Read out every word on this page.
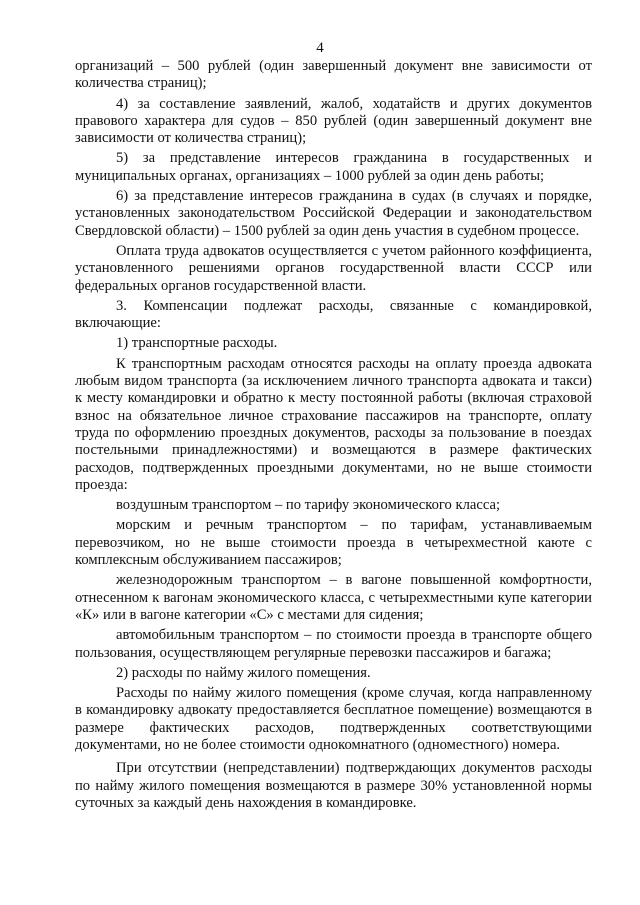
4

организаций – 500 рублей (один завершенный документ вне зависимости от количества страниц);

4) за составление заявлений, жалоб, ходатайств и других документов правового характера для судов – 850 рублей (один завершенный документ вне зависимости от количества страниц);

5) за представление интересов гражданина в государственных и муниципальных органах, организациях – 1000 рублей за один день работы;

6) за представление интересов гражданина в судах (в случаях и порядке, установленных законодательством Российской Федерации и законодательством Свердловской области) – 1500 рублей за один день участия в судебном процессе.

Оплата труда адвокатов осуществляется с учетом районного коэффициента, установленного решениями органов государственной власти СССР или федеральных органов государственной власти.

3. Компенсации подлежат расходы, связанные с командировкой, включающие:

1) транспортные расходы.

К транспортным расходам относятся расходы на оплату проезда адвоката любым видом транспорта (за исключением личного транспорта адвоката и такси) к месту командировки и обратно к месту постоянной работы (включая страховой взнос на обязательное личное страхование пассажиров на транспорте, оплату труда по оформлению проездных документов, расходы за пользование в поездах постельными принадлежностями) и возмещаются в размере фактических расходов, подтвержденных проездными документами, но не выше стоимости проезда:

воздушным транспортом – по тарифу экономического класса;

морским и речным транспортом – по тарифам, устанавливаемым перевозчиком, но не выше стоимости проезда в четырехместной каюте с комплексным обслуживанием пассажиров;

железнодорожным транспортом – в вагоне повышенной комфортности, отнесенном к вагонам экономического класса, с четырехместными купе категории «К» или в вагоне категории «С» с местами для сидения;

автомобильным транспортом – по стоимости проезда в транспорте общего пользования, осуществляющем регулярные перевозки пассажиров и багажа;

2) расходы по найму жилого помещения.

Расходы по найму жилого помещения (кроме случая, когда направленному в командировку адвокату предоставляется бесплатное помещение) возмещаются в размере фактических расходов, подтвержденных соответствующими документами, но не более стоимости однокомнатного (одноместного) номера.

При отсутствии (непредставлении) подтверждающих документов расходы по найму жилого помещения возмещаются в размере 30% установленной нормы суточных за каждый день нахождения в командировке.
